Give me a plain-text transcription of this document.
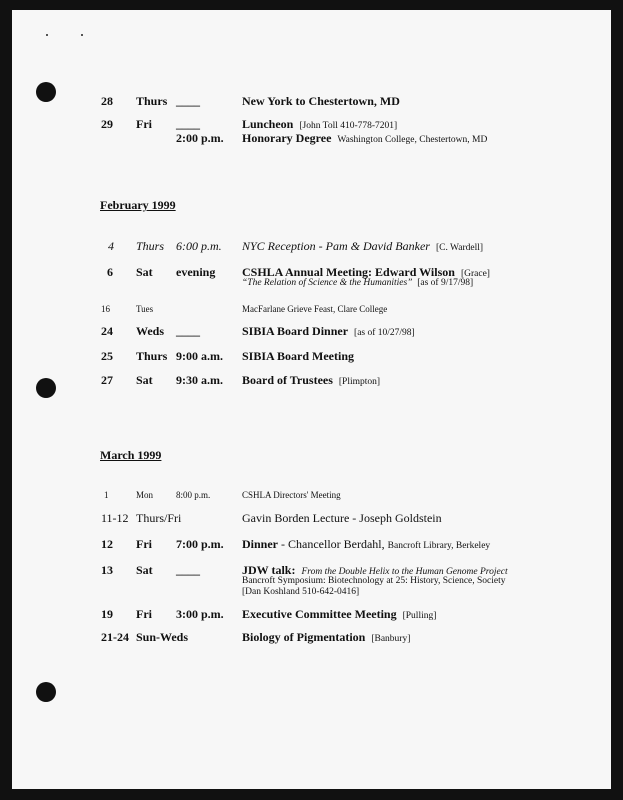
28 Thurs ____	New York to Chestertown, MD
29 Fri ____	Luncheon [John Toll 410-778-7201]
2:00 p.m. Honorary Degree Washington College, Chestertown, MD
February 1999
4 Thurs 6:00 p.m. NYC Reception - Pam & David Banker [C. Wardell]
6 Sat evening CSHLA Annual Meeting: Edward Wilson [Grace]
“The Relation of Science & the Humanities” [as of 9/17/98]
16	Tues	MacFarlane Grieve Feast, Clare College
24 Weds ____	SIBIA Board Dinner [as of 10/27/98]
25 Thurs 9:00 a.m. SIBIA Board Meeting
27 Sat 9:30 a.m. Board of Trustees [Plimpton]
March 1999
1	Mon	8:00 p.m.	CSHLA Directors' Meeting
11-12 Thurs/Fri	Gavin Borden Lecture - Joseph Goldstein
12 Fri 7:00 p.m. Dinner - Chancellor Berdahl, Bancroft Library, Berkeley
13 Sat ____	JDW talk: From the Double Helix to the Human Genome Project
Bancroft Symposium: Biotechnology at 25: History, Science, Society
[Dan Koshland 510-642-0416]
19 Fri 3:00 p.m. Executive Committee Meeting [Pulling]
21-24 Sun-Weds	Biology of Pigmentation [Banbury]
